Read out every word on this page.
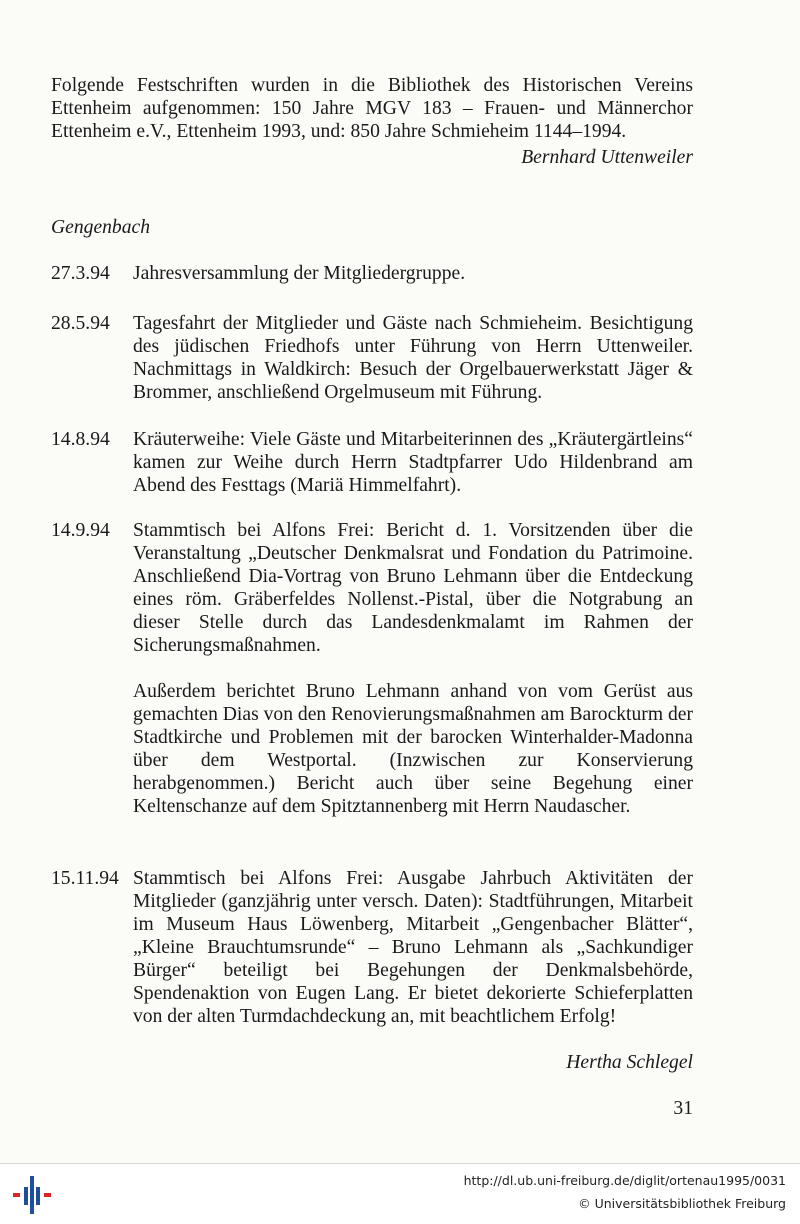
Folgende Festschriften wurden in die Bibliothek des Historischen Vereins Ettenheim aufgenommen: 150 Jahre MGV 183 – Frauen- und Männerchor Ettenheim e.V., Ettenheim 1993, und: 850 Jahre Schmieheim 1144–1994.
Bernhard Uttenweiler
Gengenbach
27.3.94	Jahresversammlung der Mitgliedergruppe.

28.5.94	Tagesfahrt der Mitglieder und Gäste nach Schmieheim. Besichtigung des jüdischen Friedhofs unter Führung von Herrn Uttenweiler. Nachmittags in Waldkirch: Besuch der Orgelbauerwerkstatt Jäger & Brommer, anschließend Orgelmuseum mit Führung.

14.8.94	Kräuterweihe: Viele Gäste und Mitarbeiterinnen des „Kräutergärtleins“ kamen zur Weihe durch Herrn Stadtpfarrer Udo Hildenbrand am Abend des Festtags (Mariä Himmelfahrt).

14.9.94	Stammtisch bei Alfons Frei: Bericht d. 1. Vorsitzenden über die Veranstaltung „Deutscher Denkmalsrat und Fondation du Patrimoine. Anschließend Dia-Vortrag von Bruno Lehmann über die Entdeckung eines röm. Gräberfeldes Nollenst.-Pistal, über die Notgrabung an dieser Stelle durch das Landesdenkmalamt im Rahmen der Sicherungsmaßnahmen.

Außerdem berichtet Bruno Lehmann anhand von vom Gerüst aus gemachten Dias von den Renovierungsmaßnahmen am Barockturm der Stadtkirche und Problemen mit der barocken Winterhalder-Madonna über dem Westportal. (Inzwischen zur Konservierung herabgenommen.) Bericht auch über seine Begehung einer Keltenschanze auf dem Spitztannenberg mit Herrn Naudascher.

15.11.94 Stammtisch bei Alfons Frei: Ausgabe Jahrbuch Aktivitäten der Mitglieder (ganzjährig unter versch. Daten): Stadtführungen, Mitarbeit im Museum Haus Löwenberg, Mitarbeit „Gengenbacher Blätter“, „Kleine Brauchtumsrunde“ – Bruno Lehmann als „Sachkundiger Bürger“ beteiligt bei Begehungen der Denkmalsbehörde, Spendenaktion von Eugen Lang. Er bietet dekorierte Schieferplatten von der alten Turmdachdeckung an, mit beachtlichem Erfolg!

Hertha Schlegel
31
http://dl.ub.uni-freiburg.de/diglit/ortenau1995/0031
© Universitätsbibliothek Freiburg
